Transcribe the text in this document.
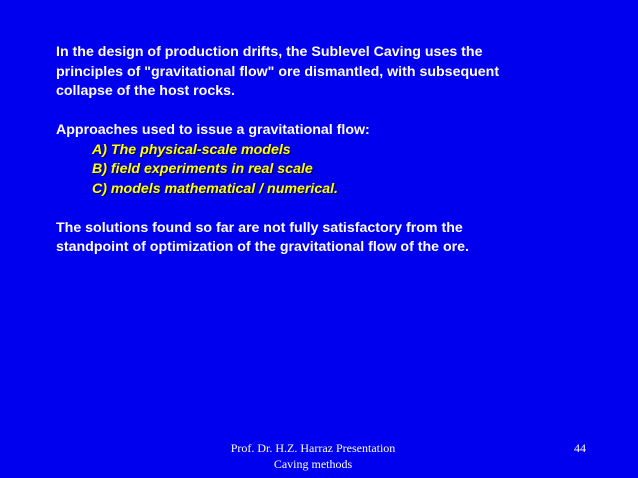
In the design of production drifts, the Sublevel Caving uses the
principles of "gravitational flow" ore dismantled, with subsequent
collapse of the host rocks.
Approaches used to issue a gravitational flow:
A) The physical-scale models
B) field experiments in real scale
C) models mathematical / numerical.
The solutions found so far are not fully satisfactory from the
standpoint of optimization of the gravitational flow of the ore.
Prof. Dr. H.Z. Harraz Presentation
Caving methods
44
